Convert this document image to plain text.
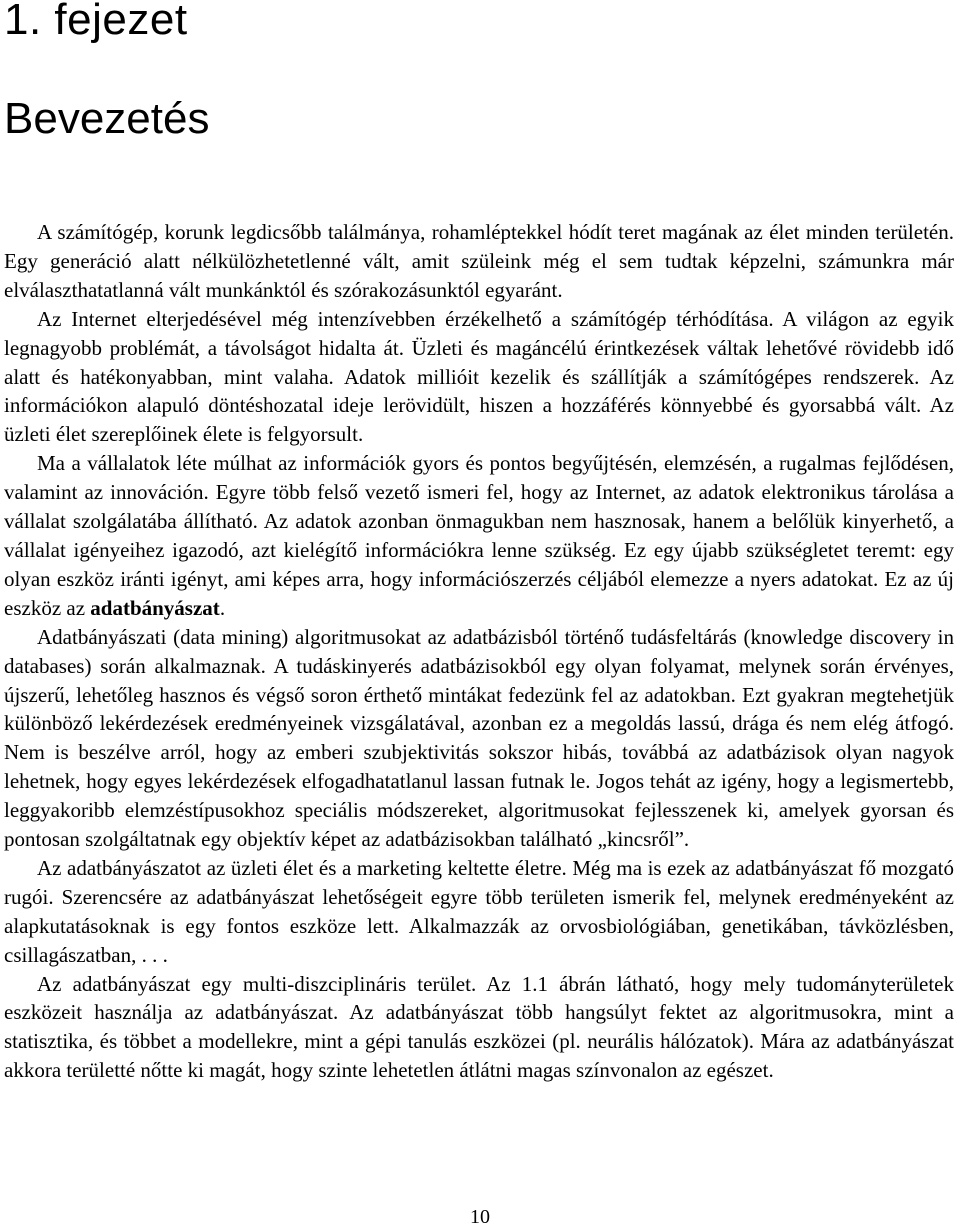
1. fejezet
Bevezetés

A számítógép, korunk legdicsőbb találmánya, rohamléptekkel hódít teret magának az élet minden területén. Egy generáció alatt nélkülözhetetlenné vált, amit szüleink még el sem tudtak képzelni, számunkra már elválaszthatatlanná vált munkánktól és szórakozásunktól egyaránt.

Az Internet elterjedésével még intenzívebben érzékelhető a számítógép térhódítása. A világon az egyik legnagyobb problémát, a távolságot hidalta át. Üzleti és magáncélú érintkezések váltak lehetővé rövidebb idő alatt és hatékonyabban, mint valaha. Adatok millióit kezelik és szállítják a számítógépes rendszerek. Az információkon alapuló döntéshozatal ideje lerövidült, hiszen a hozzáférés könnyebbé és gyorsabbá vált. Az üzleti élet szereplőinek élete is felgyorsult.

Ma a vállalatok léte múlhat az információk gyors és pontos begyűjtésén, elemzésén, a rugalmas fejlődésen, valamint az innováción. Egyre több felső vezető ismeri fel, hogy az Internet, az adatok elektronikus tárolása a vállalat szolgálatába állítható. Az adatok azonban önmagukban nem hasznosak, hanem a belőlük kinyerhető, a vállalat igényeihez igazodó, azt kielégítő információkra lenne szükség. Ez egy újabb szükségletet teremt: egy olyan eszköz iránti igényt, ami képes arra, hogy információszerzés céljából elemezze a nyers adatokat. Ez az új eszköz az adatbányászat.

Adatbányászati (data mining) algoritmusokat az adatbázisból történő tudásfeltárás (knowledge discovery in databases) során alkalmaznak. A tudáskinyerés adatbázisokból egy olyan folyamat, melynek során érvényes, újszerű, lehetőleg hasznos és végső soron érthető mintákat fedezünk fel az adatokban. Ezt gyakran megtehetjük különböző lekérdezések eredményeinek vizsgálatával, azonban ez a megoldás lassú, drága és nem elég átfogó. Nem is beszélve arról, hogy az emberi szubjektivitás sokszor hibás, továbbá az adatbázisok olyan nagyok lehetnek, hogy egyes lekérdezések elfogadhatatlanul lassan futnak le. Jogos tehát az igény, hogy a legismertebb, leggyakoribb elemzéstípusokhoz speciális módszereket, algoritmusokat fejlesszenek ki, amelyek gyorsan és pontosan szolgáltatnak egy objektív képet az adatbázisokban található „kincsről”.

Az adatbányászatot az üzleti élet és a marketing keltette életre. Még ma is ezek az adatbányászat fő mozgató rugói. Szerencsére az adatbányászat lehetőségeit egyre több területen ismerik fel, melynek eredményeként az alapkutatásoknak is egy fontos eszköze lett. Alkalmazzák az orvosbiológiában, genetikában, távközlésben, csillagászatban, . . .

Az adatbányászat egy multi-diszciplináris terület. Az 1.1 ábrán látható, hogy mely tudományterületek eszközeit használja az adatbányászat. Az adatbányászat több hangsúlyt fektet az algoritmusokra, mint a statisztika, és többet a modellekre, mint a gépi tanulás eszközei (pl. neurális hálózatok). Mára az adatbányászat akkora területté nőtte ki magát, hogy szinte lehetetlen átlátni magas színvonalon az egészet.

10
